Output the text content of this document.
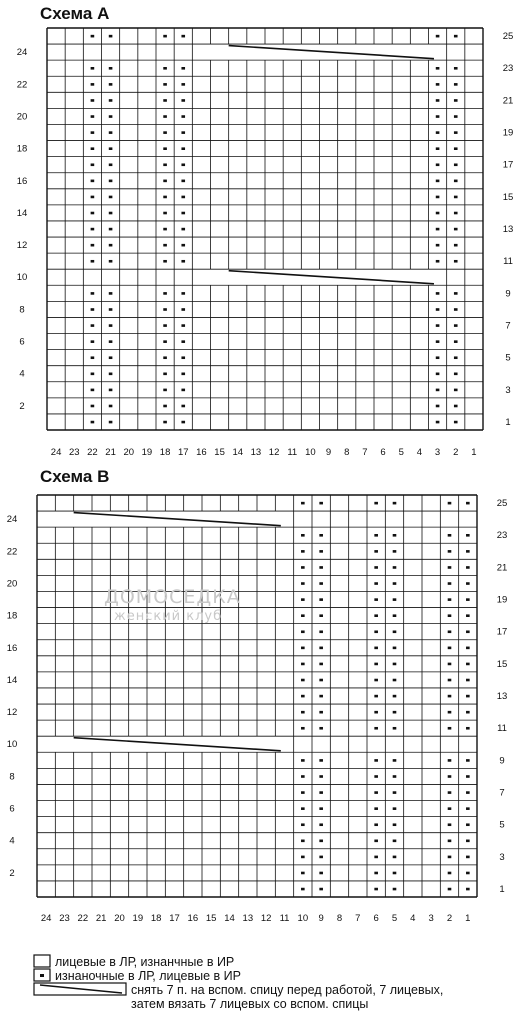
Схема А
Схема В
24
22
20
18
16
14
12
10
8
6
4
2
25
23
21
19
17
15
13
11
9
7
5
3
1
24 23 22 21 20 19 18 17 16 15 14 13 12 11 10 9 8 7 6 5 4 3 2 1
24
22
20
18
16
14
12
10
8
6
4
2
25
23
21
19
17
15
13
11
9
7
5
3
1
24 23 22 21 20 19 18 17 16 15 14 13 12 11 10 9 8 7 6 5 4 3 2 1
ДОМОСЕДКА
женский клуб
лицевые в ЛР, изнанчные в ИР
изнаночные в ЛР, лицевые в ИР
снять 7 п. на вспом. спицу перед работой, 7 лицевых,
затем вязать 7 лицевых со вспом. спицы
